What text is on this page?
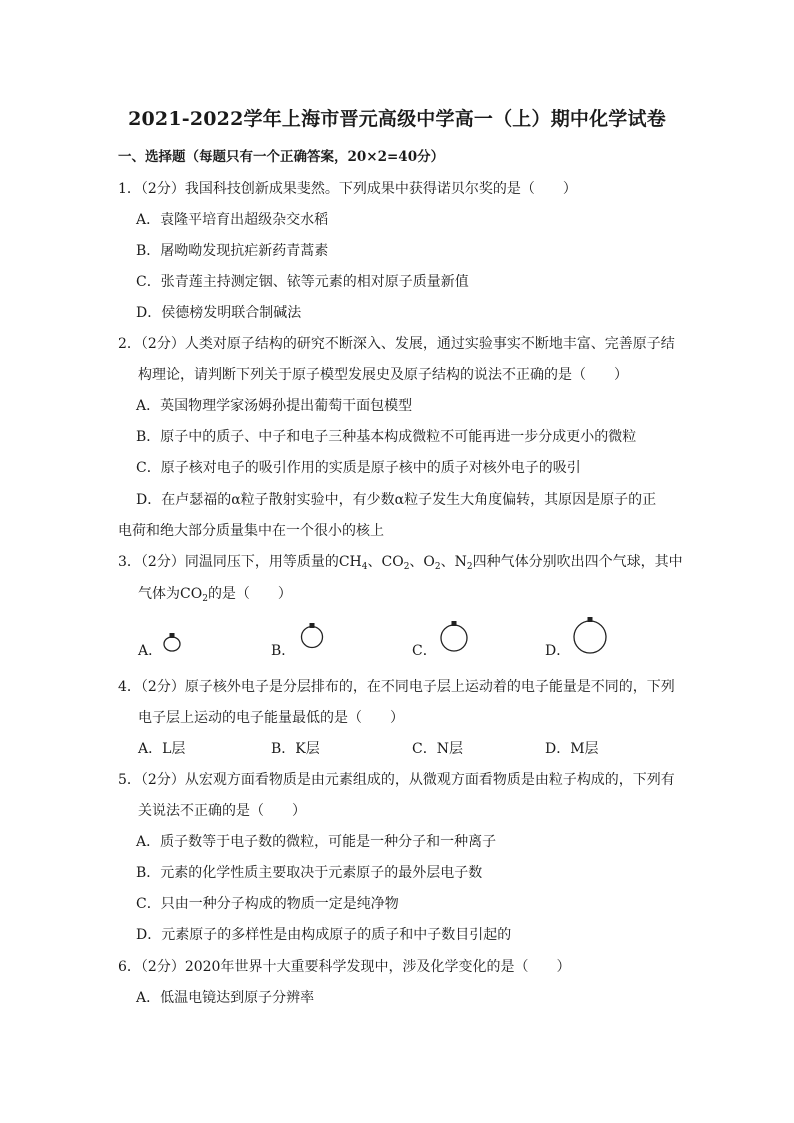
2021-2022学年上海市晋元高级中学高一（上）期中化学试卷
一、选择题（每题只有一个正确答案，20×2=40分）
1．（2分）我国科技创新成果斐然。下列成果中获得诺贝尔奖的是（　　）
A．袁隆平培育出超级杂交水稻
B．屠呦呦发现抗疟新药青蒿素
C．张青莲主持测定铟、铱等元素的相对原子质量新值
D．侯德榜发明联合制碱法
2．（2分）人类对原子结构的研究不断深入、发展，通过实验事实不断地丰富、完善原子结
构理论，请判断下列关于原子模型发展史及原子结构的说法不正确的是（　　）
A．英国物理学家汤姆孙提出葡萄干面包模型
B．原子中的质子、中子和电子三种基本构成微粒不可能再进一步分成更小的微粒
C．原子核对电子的吸引作用的实质是原子核中的质子对核外电子的吸引
D．在卢瑟福的α粒子散射实验中，有少数α粒子发生大角度偏转，其原因是原子的正
电荷和绝大部分质量集中在一个很小的核上
3．（2分）同温同压下，用等质量的$CH_4$、$CO_2$、$O_2$、$N_2$四种气体分别吹出四个气球，其中
气体为$CO_2$的是（　　）
A．	B．	C．	D．
4．（2分）原子核外电子是分层排布的，在不同电子层上运动着的电子能量是不同的，下列
电子层上运动的电子能量最低的是（　　）
A．L层	B．K层	C．N层	D．M层
5．（2分）从宏观方面看物质是由元素组成的，从微观方面看物质是由粒子构成的，下列有
关说法不正确的是（　　）
A．质子数等于电子数的微粒，可能是一种分子和一种离子
B．元素的化学性质主要取决于元素原子的最外层电子数
C．只由一种分子构成的物质一定是纯净物
D．元素原子的多样性是由构成原子的质子和中子数目引起的
6．（2分）2020年世界十大重要科学发现中，涉及化学变化的是（　　）
A．低温电镜达到原子分辨率
